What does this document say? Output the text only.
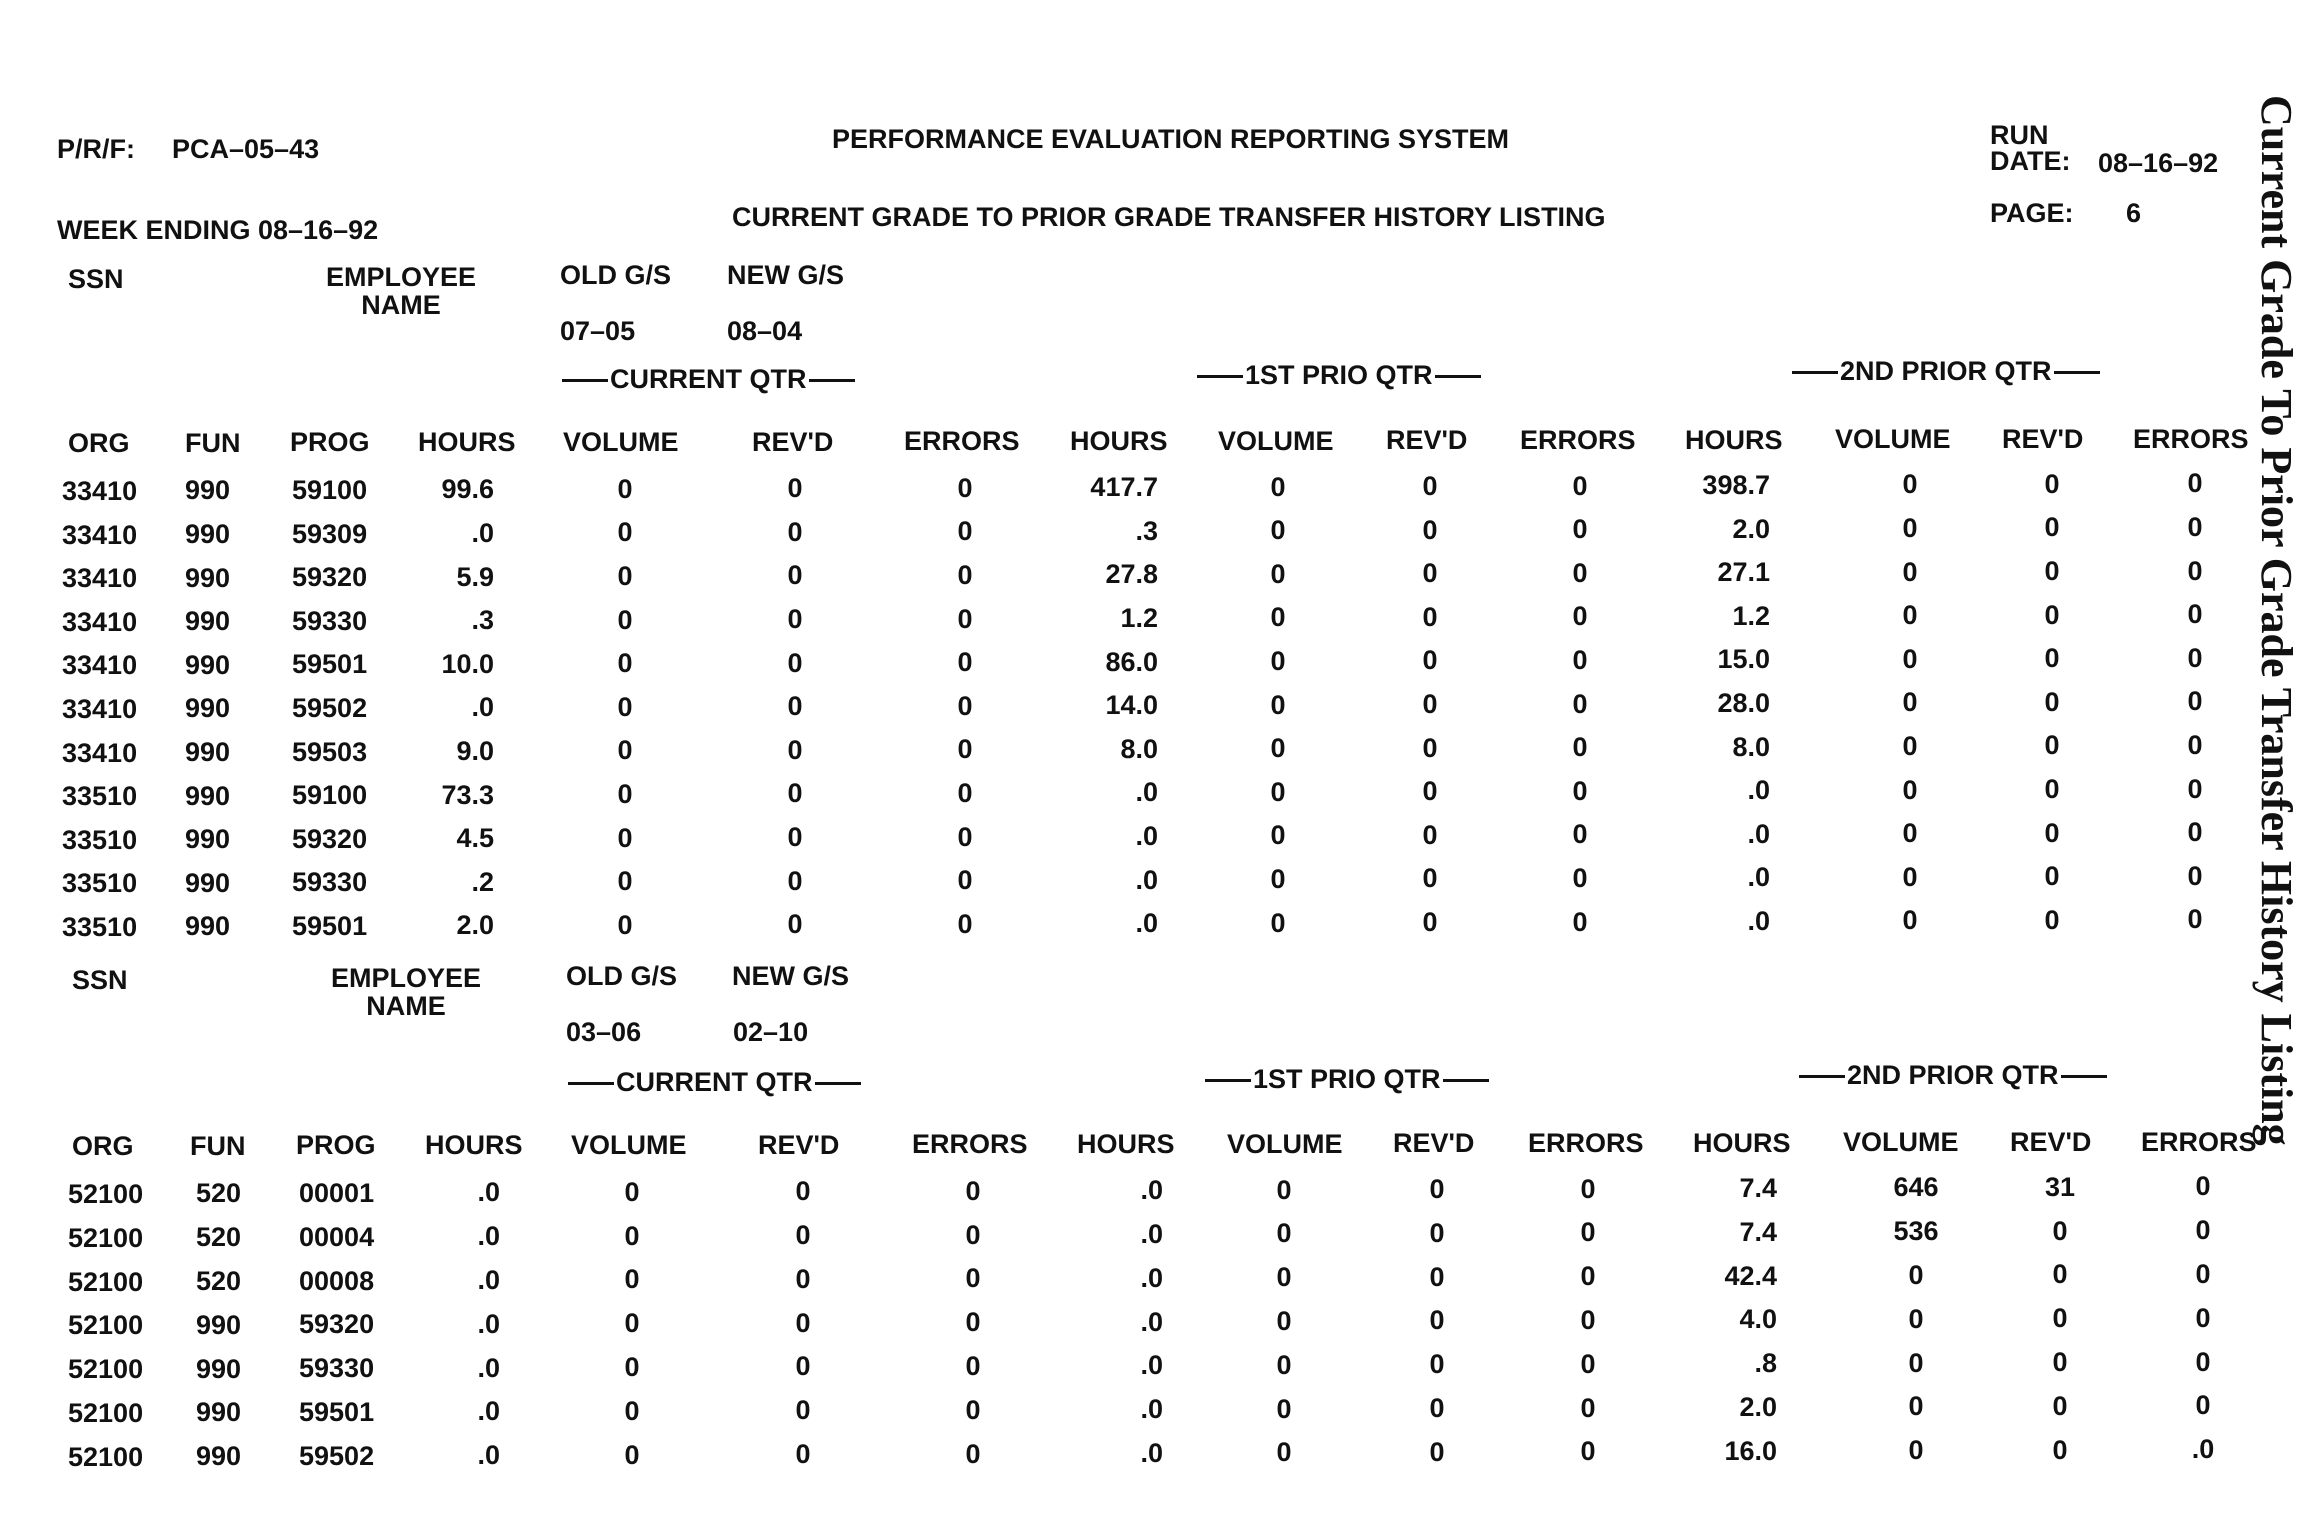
P/R/F: PCA–05–43	PERFORMANCE EVALUATION REPORTING SYSTEM
CURRENT GRADE TO PRIOR GRADE TRANSFER HISTORY LISTING
WEEK ENDING 08–16–92
RUN
DATE: 08–16–92
PAGE: 6	Current Grade To Prior Grade Transfer History Listing
SSN	EMPLOYEE
NAME
OLD G/S NEW G/S
07–05	08–04
CURRENT QTR	1ST PRIO QTR	2ND PRIOR QTR
ORG FUN PROG HOURS VOLUME	REV'D	ERRORS HOURS VOLUME REV'D ERRORS HOURS VOLUME REV'D ERRORS
33410 990 59100	99.6	0	0	0	417.7	0	0	0	398.7	0	0	0
33410 990 59309	.0	0	0	0	.3	0	0	0	2.0	0	0	0
33410 990 59320	5.9	0	0	0	27.8	0	0	0	27.1	0	0	0
33410 990 59330	.3	0	0	0	1.2	0	0	0	1.2	0	0	0
33410 990 59501	10.0	0	0	0	86.0	0	0	0	15.0	0	0	0
33410 990 59502	.0	0	0	0	14.0	0	0	0	28.0	0	0	0
33410 990 59503	9.0	0	0	0	8.0	0	0	0	8.0	0	0	0
33510 990 59100	73.3	0	0	0	.0	0	0	0	.0	0	0	0
33510 990 59320	4.5	0	0	0	.0	0	0	0	.0	0	0	0
33510 990 59330	.2	0	0	0	.0	0	0	0	.0	0	0	0
33510 990 59501	2.0	0	0	0	.0	0	0	0	.0	0	0	0
SSN	EMPLOYEE
NAME
OLD G/S NEW G/S
03–06	02–10
CURRENT QTR	1ST PRIO QTR	2ND PRIOR QTR
ORG FUN PROG HOURS VOLUME	REV'D	ERRORS HOURS VOLUME REV'D ERRORS HOURS VOLUME REV'D ERRORS
52100 520 00001	.0	0	0	0	.0	0	0	0	7.4	646	31	0
52100 520 00004	.0	0	0	0	.0	0	0	0	7.4	536	0	0
52100 520 00008	.0	0	0	0	.0	0	0	0	42.4	0	0	0
52100 990 59320	.0	0	0	0	.0	0	0	0	4.0	0	0	0
52100 990 59330	.0	0	0	0	.0	0	0	0	.8	0	0	0
52100 990 59501	.0	0	0	0	.0	0	0	0	2.0	0	0	0
52100 990 59502	.0	0	0	0	.0	0	0	0	16.0	0	0	.0
